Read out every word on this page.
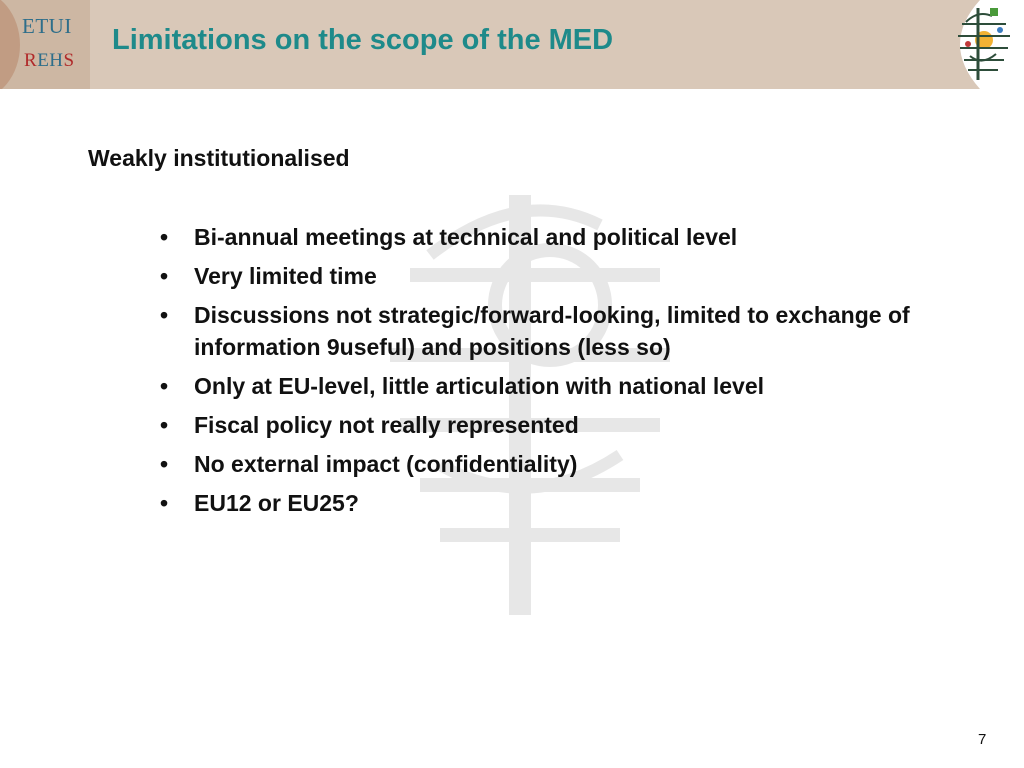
ETUI
REHS
Limitations on the scope of the MED
Weakly institutionalised
• Bi-annual meetings at technical and political level
• Very limited time
• Discussions not strategic/forward-looking, limited to exchange of information 9useful) and positions (less so)
• Only at EU-level, little articulation with national level
• Fiscal policy not really represented
• No external impact (confidentiality)
• EU12 or EU25?
7
